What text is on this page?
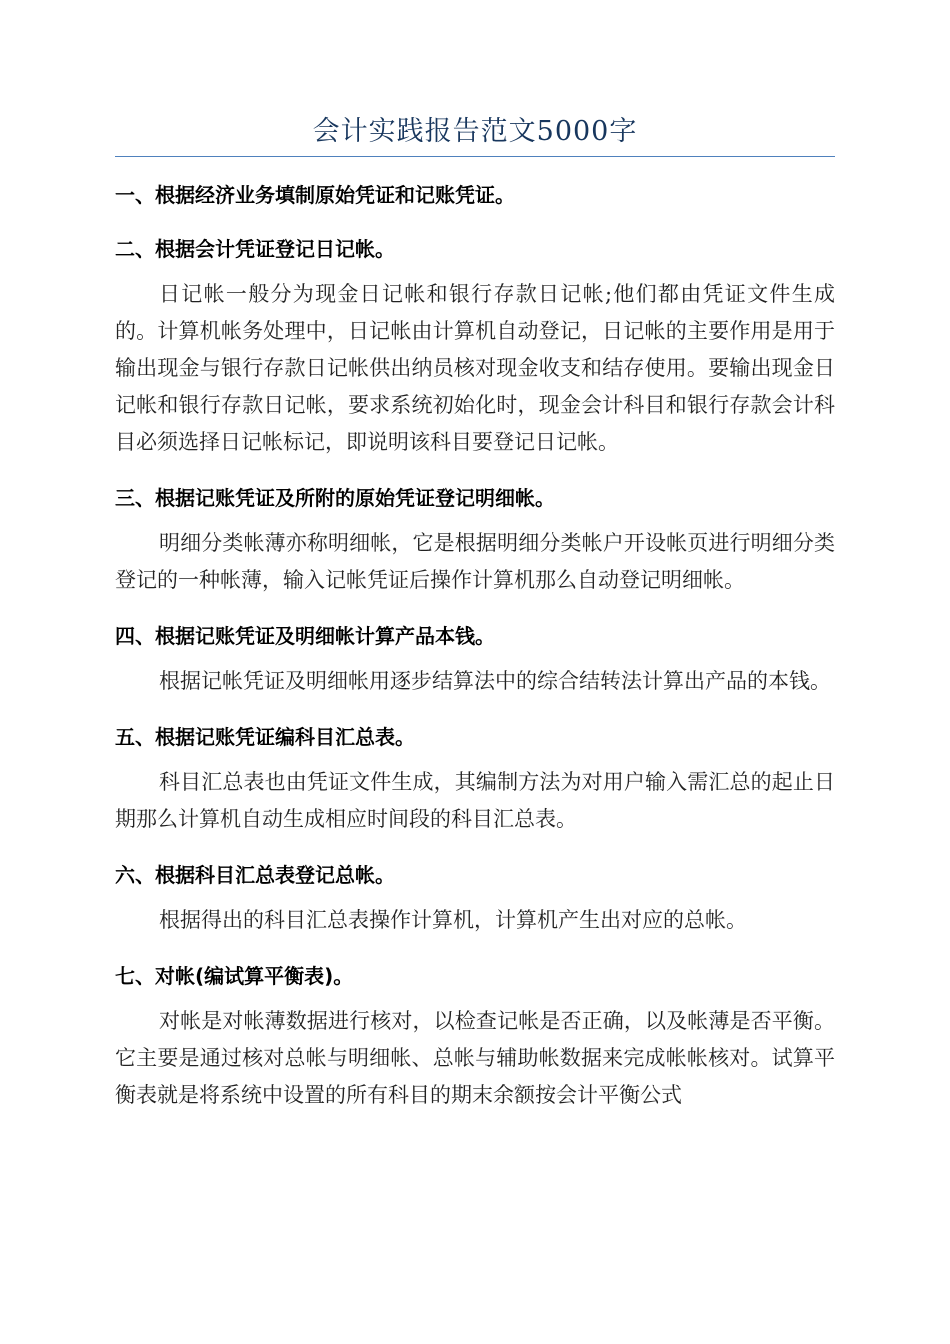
会计实践报告范文5000字

一、根据经济业务填制原始凭证和记账凭证。

二、根据会计凭证登记日记帐。

日记帐一般分为现金日记帐和银行存款日记帐;他们都由凭证文件生成的。计算机帐务处理中，日记帐由计算机自动登记，日记帐的主要作用是用于输出现金与银行存款日记帐供出纳员核对现金收支和结存使用。要输出现金日记帐和银行存款日记帐，要求系统初始化时，现金会计科目和银行存款会计科目必须选择日记帐标记，即说明该科目要登记日记帐。

三、根据记账凭证及所附的原始凭证登记明细帐。

明细分类帐薄亦称明细帐，它是根据明细分类帐户开设帐页进行明细分类登记的一种帐薄，输入记帐凭证后操作计算机那么自动登记明细帐。

四、根据记账凭证及明细帐计算产品本钱。

根据记帐凭证及明细帐用逐步结算法中的综合结转法计算出产品的本钱。

五、根据记账凭证编科目汇总表。

科目汇总表也由凭证文件生成，其编制方法为对用户输入需汇总的起止日期那么计算机自动生成相应时间段的科目汇总表。

六、根据科目汇总表登记总帐。

根据得出的科目汇总表操作计算机，计算机产生出对应的总帐。

七、对帐(编试算平衡表)。

对帐是对帐薄数据进行核对，以检查记帐是否正确，以及帐薄是否平衡。它主要是通过核对总帐与明细帐、总帐与辅助帐数据来完成帐帐核对。试算平衡表就是将系统中设置的所有科目的期末余额按会计平衡公式
